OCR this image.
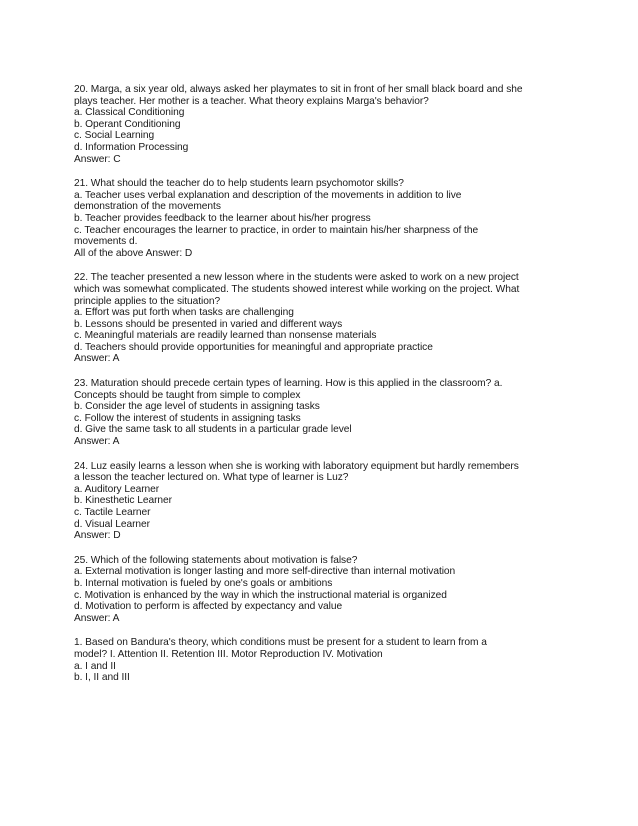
20. Marga, a six year old, always asked her playmates to sit in front of her small black board and she
plays teacher. Her mother is a teacher. What theory explains Marga's behavior?
a. Classical Conditioning
b. Operant Conditioning
c. Social Learning
d. Information Processing
Answer: C
21. What should the teacher do to help students learn psychomotor skills?
a. Teacher uses verbal explanation and description of the movements in addition to live
demonstration of the movements
b. Teacher provides feedback to the learner about his/her progress
c. Teacher encourages the learner to practice, in order to maintain his/her sharpness of the
movements d.
All of the above Answer: D
22. The teacher presented a new lesson where in the students were asked to work on a new project
which was somewhat complicated. The students showed interest while working on the project. What
principle applies to the situation?
a. Effort was put forth when tasks are challenging
b. Lessons should be presented in varied and different ways
c. Meaningful materials are readily learned than nonsense materials
d. Teachers should provide opportunities for meaningful and appropriate practice
Answer: A
23. Maturation should precede certain types of learning. How is this applied in the classroom? a.
Concepts should be taught from simple to complex
b. Consider the age level of students in assigning tasks
c. Follow the interest of students in assigning tasks
d. Give the same task to all students in a particular grade level
Answer: A
24. Luz easily learns a lesson when she is working with laboratory equipment but hardly remembers
a lesson the teacher lectured on. What type of learner is Luz?
a. Auditory Learner
b. Kinesthetic Learner
c. Tactile Learner
d. Visual Learner
Answer: D
25. Which of the following statements about motivation is false?
a. External motivation is longer lasting and more self-directive than internal motivation
b. Internal motivation is fueled by one's goals or ambitions
c. Motivation is enhanced by the way in which the instructional material is organized
d. Motivation to perform is affected by expectancy and value
Answer: A
1. Based on Bandura's theory, which conditions must be present for a student to learn from a
model? I. Attention II. Retention III. Motor Reproduction IV. Motivation
a. I and II
b. I, II and III
